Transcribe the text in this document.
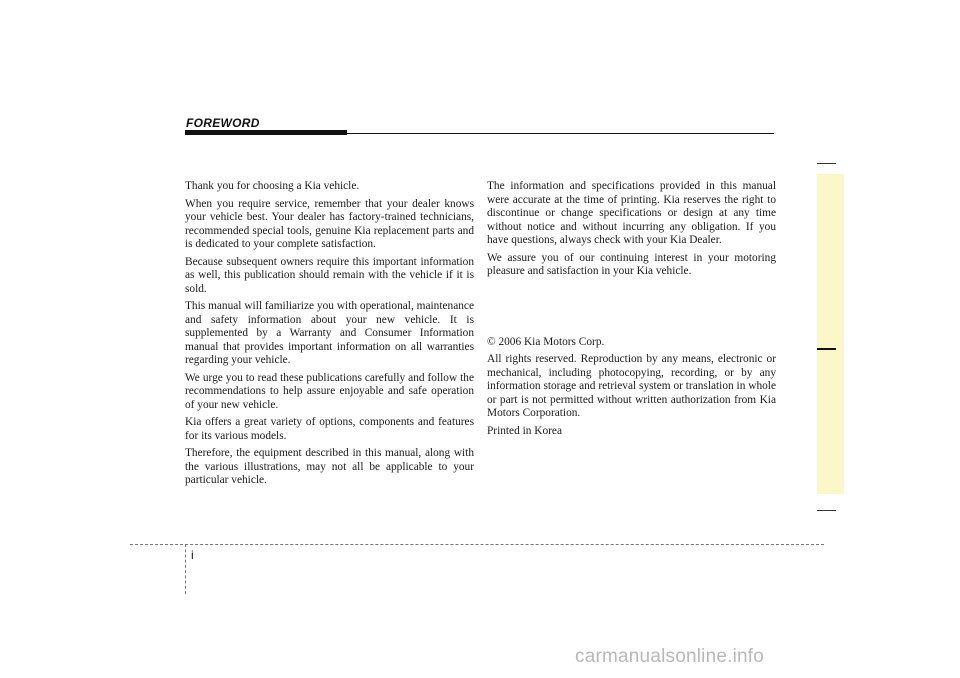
FOREWORD

Thank you for choosing a Kia vehicle.

When you require service, remember that your dealer knows your vehicle best. Your dealer has factory-trained technicians, recommended special tools, genuine Kia replacement parts and is dedicated to your complete satisfaction.

Because subsequent owners require this important information as well, this publication should remain with the vehicle if it is sold.

This manual will familiarize you with operational, maintenance and safety information about your new vehicle. It is supplemented by a Warranty and Consumer Information manual that provides important information on all warranties regarding your vehicle.

We urge you to read these publications carefully and follow the recommendations to help assure enjoyable and safe operation of your new vehicle.

Kia offers a great variety of options, components and features for its various models.

Therefore, the equipment described in this manual, along with the various illustrations, may not all be applicable to your particular vehicle.

The information and specifications provided in this manual were accurate at the time of printing. Kia reserves the right to discontinue or change specifications or design at any time without notice and without incurring any obligation. If you have questions, always check with your Kia Dealer.

We assure you of our continuing interest in your motoring pleasure and satisfaction in your Kia vehicle.

© 2006 Kia Motors Corp.

All rights reserved. Reproduction by any means, electronic or mechanical, including photocopying, recording, or by any information storage and retrieval system or translation in whole or part is not permitted without written authorization from Kia Motors Corporation.

Printed in Korea

i
carmanualsonline.info
